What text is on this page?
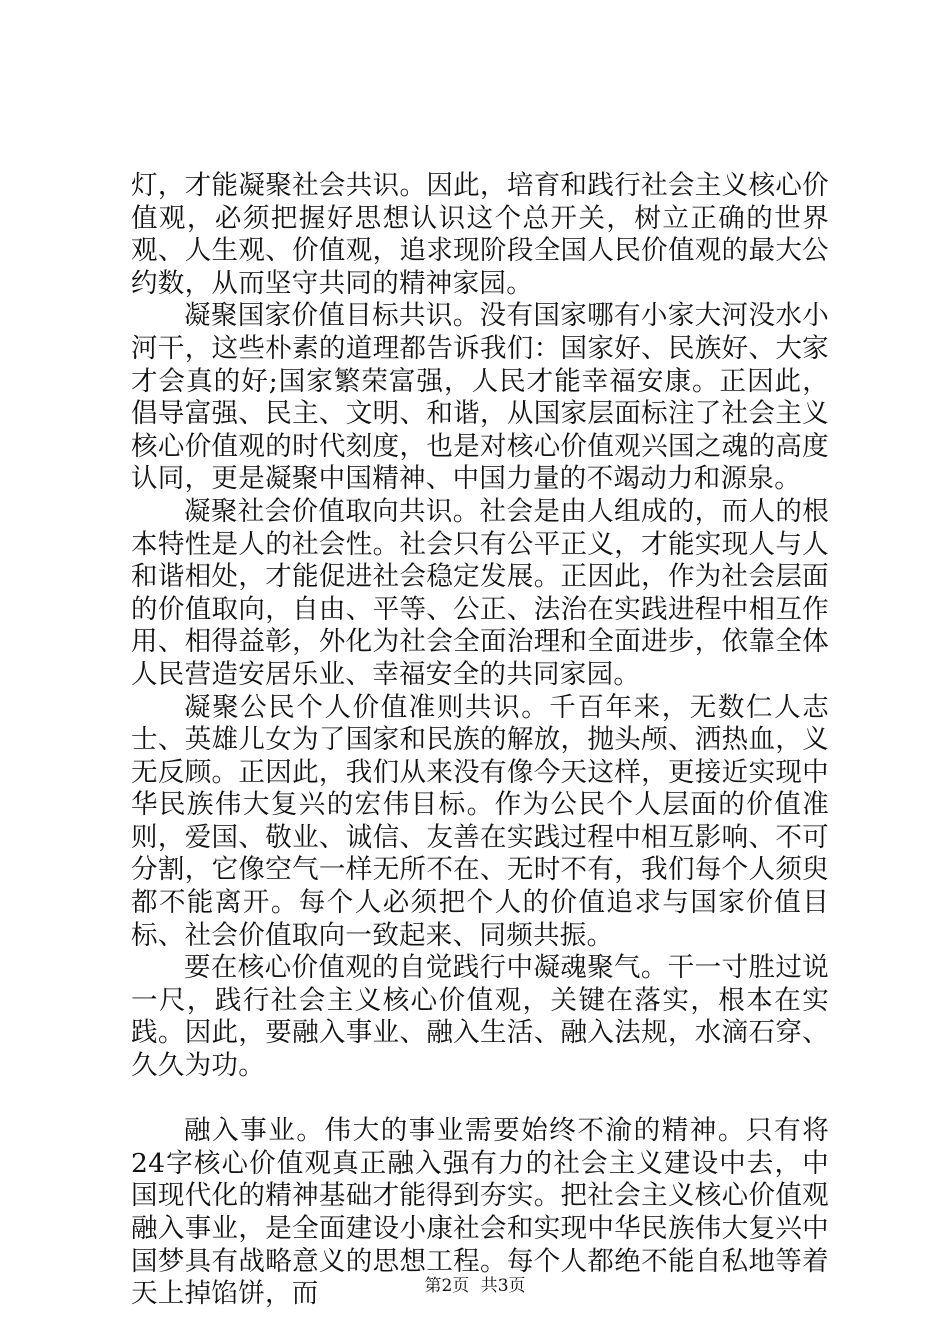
灯，才能凝聚社会共识。因此，培育和践行社会主义核心价值观，必须把握好思想认识这个总开关，树立正确的世界观、人生观、价值观，追求现阶段全国人民价值观的最大公约数，从而坚守共同的精神家园。

凝聚国家价值目标共识。没有国家哪有小家大河没水小河干，这些朴素的道理都告诉我们：国家好、民族好、大家才会真的好;国家繁荣富强，人民才能幸福安康。正因此，倡导富强、民主、文明、和谐，从国家层面标注了社会主义核心价值观的时代刻度，也是对核心价值观兴国之魂的高度认同，更是凝聚中国精神、中国力量的不竭动力和源泉。

凝聚社会价值取向共识。社会是由人组成的，而人的根本特性是人的社会性。社会只有公平正义，才能实现人与人和谐相处，才能促进社会稳定发展。正因此，作为社会层面的价值取向，自由、平等、公正、法治在实践进程中相互作用、相得益彰，外化为社会全面治理和全面进步，依靠全体人民营造安居乐业、幸福安全的共同家园。

凝聚公民个人价值准则共识。千百年来，无数仁人志士、英雄儿女为了国家和民族的解放，抛头颅、洒热血，义无反顾。正因此，我们从来没有像今天这样，更接近实现中华民族伟大复兴的宏伟目标。作为公民个人层面的价值准则，爱国、敬业、诚信、友善在实践过程中相互影响、不可分割，它像空气一样无所不在、无时不有，我们每个人须臾都不能离开。每个人必须把个人的价值追求与国家价值目标、社会价值取向一致起来、同频共振。

要在核心价值观的自觉践行中凝魂聚气。干一寸胜过说一尺，践行社会主义核心价值观，关键在落实，根本在实践。因此，要融入事业、融入生活、融入法规，水滴石穿、久久为功。

融入事业。伟大的事业需要始终不渝的精神。只有将24字核心价值观真正融入强有力的社会主义建设中去，中国现代化的精神基础才能得到夯实。把社会主义核心价值观融入事业，是全面建设小康社会和实现中华民族伟大复兴中国梦具有战略意义的思想工程。每个人都绝不能自私地等着天上掉馅饼，而	第2页 共3页
